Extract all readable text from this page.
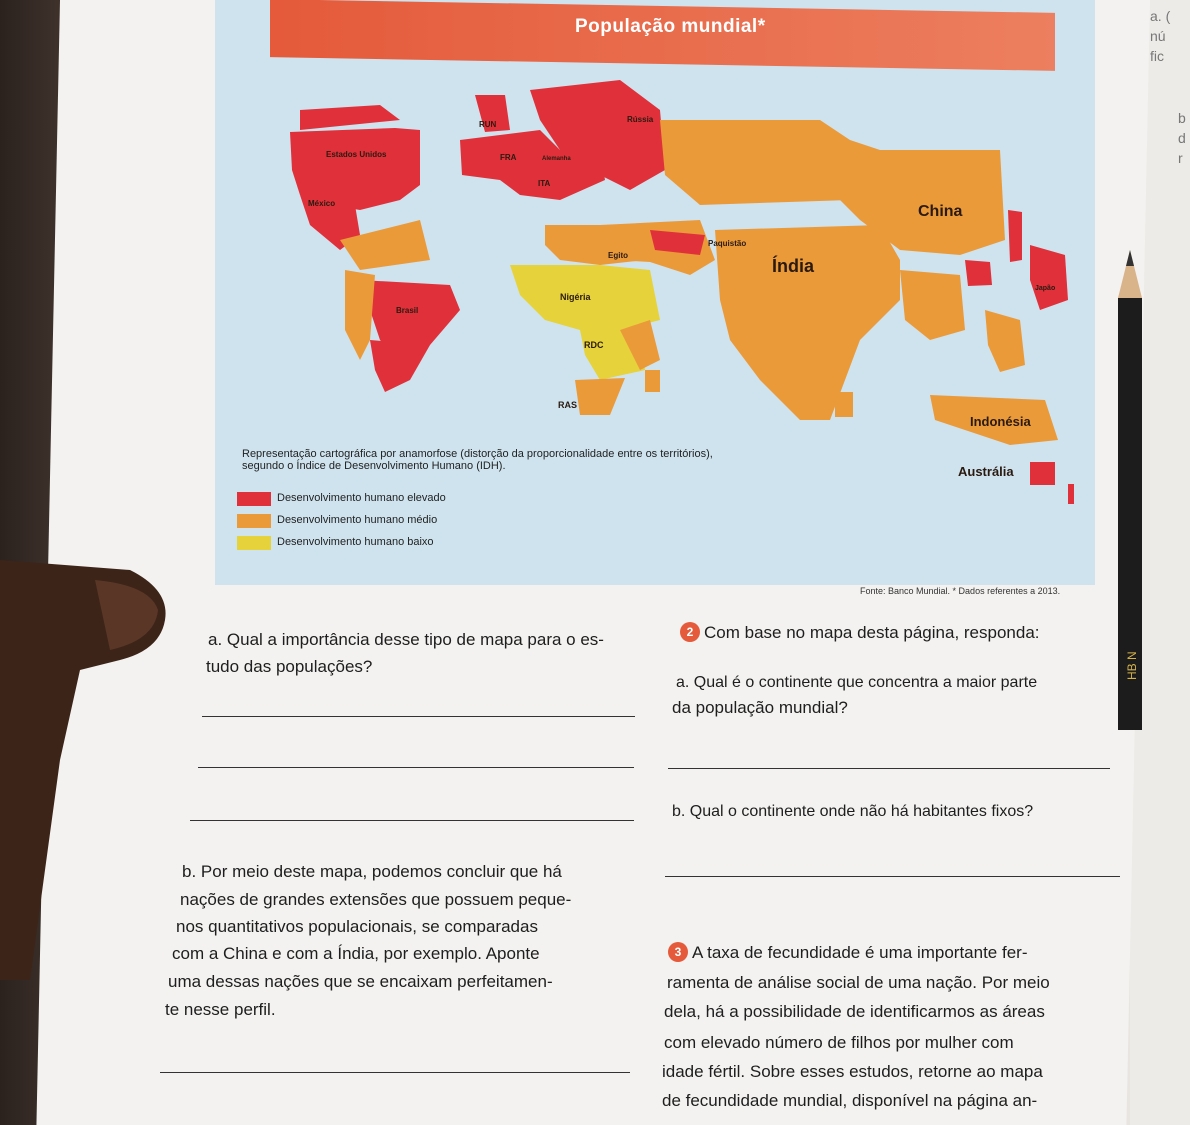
a. (
nú
fic
b
d
r
População mundial*
RUN
Rússia
Estados Unidos	FRA	Alemanha
ITA
México	China
Egito
Paquistão
Índia
Japão
Brasil
Nigéria
RDC
RAS
Indonésia
Austrália
Representação cartográfica por anamorfose (distorção da proporcionalidade entre os territórios),
segundo o Índice de Desenvolvimento Humano (IDH).
Desenvolvimento humano elevado
Desenvolvimento humano médio
Desenvolvimento humano baixo
Fonte: Banco Mundial. * Dados referentes a 2013.
a. Qual a importância desse tipo de mapa para o es-
tudo das populações?
b. Por meio deste mapa, podemos concluir que há
nações de grandes extensões que possuem peque-
nos quantitativos populacionais, se comparadas
com a China e com a Índia, por exemplo. Aponte
uma dessas nações que se encaixam perfeitamen-
te nesse perfil.
2 Com base no mapa desta página, responda:
a. Qual é o continente que concentra a maior parte
da população mundial?
b. Qual o continente onde não há habitantes fixos?
3 A taxa de fecundidade é uma importante fer-
ramenta de análise social de uma nação. Por meio
dela, há a possibilidade de identificarmos as áreas
com elevado número de filhos por mulher com
idade fértil. Sobre esses estudos, retorne ao mapa
de fecundidade mundial, disponível na página an-
HB N
